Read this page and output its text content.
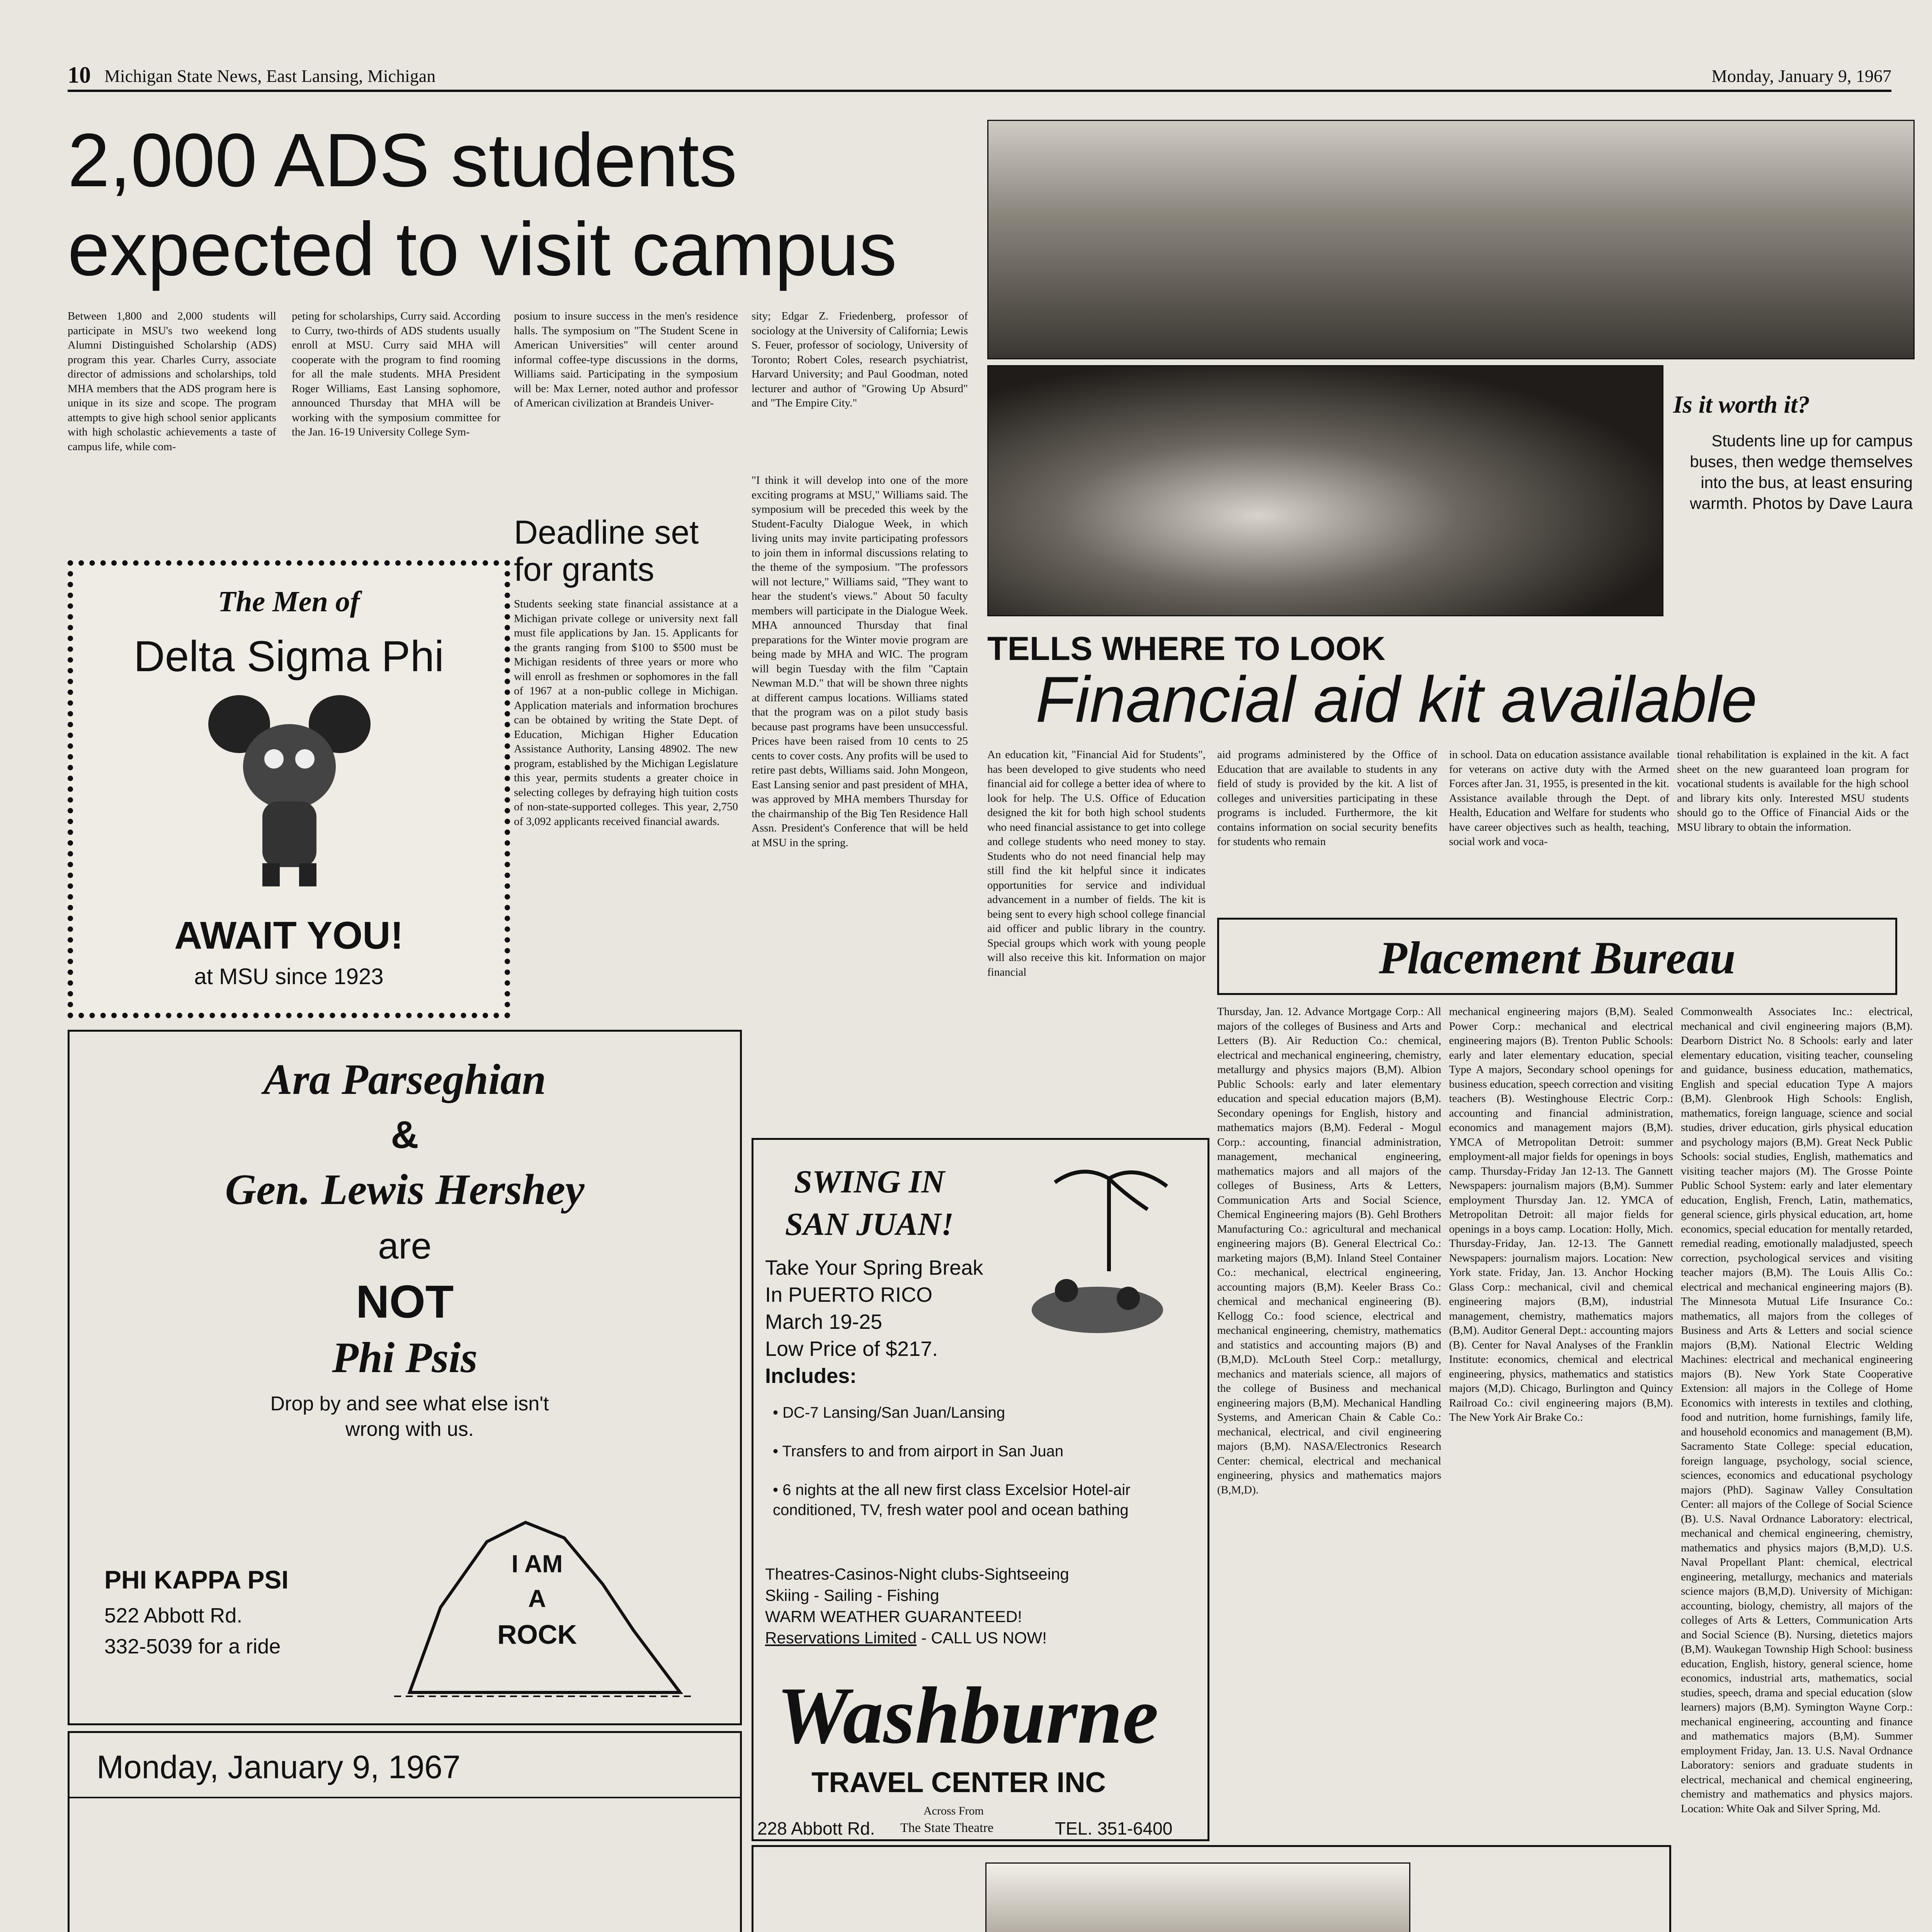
10 Michigan State News, East Lansing, Michigan	Monday, January 9, 1967
2,000 ADS students
expected to visit campus
Between 1,800 and 2,000 students will participate in MSU's two weekend long Alumni Distinguished Scholarship (ADS) program this year. Charles Curry, associate director of admissions and scholarships, told MHA members that the ADS program here is unique in its size and scope. The program attempts to give high school senior applicants with high scholastic achievements a taste of campus life, while com-
peting for scholarships, Curry said. According to Curry, two-thirds of ADS students usually enroll at MSU. Curry said MHA will cooperate with the program to find rooming for all the male students. MHA President Roger Williams, East Lansing sophomore, announced Thursday that MHA will be working with the symposium committee for the Jan. 16-19 University College Sym-
posium to insure success in the men's residence halls. The symposium on "The Student Scene in American Universities" will center around informal coffee-type discussions in the dorms, Williams said. Participating in the symposium will be: Max Lerner, noted author and professor of American civilization at Brandeis Univer-
sity; Edgar Z. Friedenberg, professor of sociology at the University of California; Lewis S. Feuer, professor of sociology, University of Toronto; Robert Coles, research psychiatrist, Harvard University; and Paul Goodman, noted lecturer and author of "Growing Up Absurd" and "The Empire City."
"I think it will develop into one of the more exciting programs at MSU," Williams said. The symposium will be preceded this week by the Student-Faculty Dialogue Week, in which living units may invite participating professors to join them in informal discussions relating to the theme of the symposium. "The professors will not lecture," Williams said, "They want to hear the student's views." About 50 faculty members will participate in the Dialogue Week. MHA announced Thursday that final preparations for the Winter movie program are being made by MHA and WIC. The program will begin Tuesday with the film "Captain Newman M.D." that will be shown three nights at different campus locations. Williams stated that the program was on a pilot study basis because past programs have been unsuccessful. Prices have been raised from 10 cents to 25 cents to cover costs. Any profits will be used to retire past debts, Williams said. John Mongeon, East Lansing senior and past president of MHA, was approved by MHA members Thursday for the chairmanship of the Big Ten Residence Hall Assn. President's Conference that will be held at MSU in the spring.
Deadline set
for grants
Students seeking state financial assistance at a Michigan private college or university next fall must file applications by Jan. 15. Applicants for the grants ranging from $100 to $500 must be Michigan residents of three years or more who will enroll as freshmen or sophomores in the fall of 1967 at a non-public college in Michigan. Application materials and information brochures can be obtained by writing the State Dept. of Education, Michigan Higher Education Assistance Authority, Lansing 48902. The new program, established by the Michigan Legislature this year, permits students a greater choice in selecting colleges by defraying high tuition costs of non-state-supported colleges. This year, 2,750 of 3,092 applicants received financial awards.
The Men of
Delta Sigma Phi
AWAIT YOU!
at MSU since 1923
Ara Parseghian
&
Gen. Lewis Hershey
are
NOT
Phi Psis
Drop by and see what else isn't wrong with us.
PHI KAPPA PSI
522 Abbott Rd.
332-5039 for a ride
I AM
A
ROCK
Monday, January 9, 1967
Is it worth it?
Students line up for campus buses, then wedge themselves into the bus, at least ensuring warmth. Photos by Dave Laura
TELLS WHERE TO LOOK
Financial aid kit available
An education kit, "Financial Aid for Students", has been developed to give students who need financial aid for college a better idea of where to look for help. The U.S. Office of Education designed the kit for both high school students who need financial assistance to get into college and college students who need money to stay. Students who do not need financial help may still find the kit helpful since it indicates opportunities for service and individual advancement in a number of fields. The kit is being sent to every high school college financial aid officer and public library in the country. Special groups which work with young people will also receive this kit. Information on major financial
aid programs administered by the Office of Education that are available to students in any field of study is provided by the kit. A list of colleges and universities participating in these programs is included. Furthermore, the kit contains information on social security benefits for students who remain
in school. Data on education assistance available for veterans on active duty with the Armed Forces after Jan. 31, 1955, is presented in the kit. Assistance available through the Dept. of Health, Education and Welfare for students who have career objectives such as health, teaching, social work and voca-
tional rehabilitation is explained in the kit. A fact sheet on the new guaranteed loan program for vocational students is available for the high school and library kits only. Interested MSU students should go to the Office of Financial Aids or the MSU library to obtain the information.
Placement Bureau
Thursday, Jan. 12. Advance Mortgage Corp.: All majors of the colleges of Business and Arts and Letters (B). Air Reduction Co.: chemical, electrical and mechanical engineering, chemistry, metallurgy and physics majors (B,M). Albion Public Schools: early and later elementary education and special education majors (B,M). Secondary openings for English, history and mathematics majors (B,M). Federal - Mogul Corp.: accounting, financial administration, management, mechanical engineering, mathematics majors and all majors of the colleges of Business, Arts & Letters, Communication Arts and Social Science, Chemical Engineering majors (B). Gehl Brothers Manufacturing Co.: agricultural and mechanical engineering majors (B). General Electrical Co.: marketing majors (B,M). Inland Steel Container Co.: mechanical, electrical engineering, accounting majors (B,M). Keeler Brass Co.: chemical and mechanical engineering (B). Kellogg Co.: food science, electrical and mechanical engineering, chemistry, mathematics and statistics and accounting majors (B) and (B,M,D). McLouth Steel Corp.: metallurgy, mechanics and materials science, all majors of the college of Business and mechanical engineering majors (B,M). Mechanical Handling Systems, and American Chain & Cable Co.: mechanical, electrical, and civil engineering majors (B,M). NASA/Electronics Research Center: chemical, electrical and mechanical engineering, physics and mathematics majors (B,M,D).
mechanical engineering majors (B,M). Sealed Power Corp.: mechanical and electrical engineering majors (B). Trenton Public Schools: early and later elementary education, special Type A majors, Secondary school openings for business education, speech correction and visiting teachers (B). Westinghouse Electric Corp.: accounting and financial administration, economics and management majors (B,M). YMCA of Metropolitan Detroit: summer employment-all major fields for openings in boys camp. Thursday-Friday Jan 12-13. The Gannett Newspapers: journalism majors (B,M). Summer employment Thursday Jan. 12. YMCA of Metropolitan Detroit: all major fields for openings in a boys camp. Location: Holly, Mich. Thursday-Friday, Jan. 12-13. The Gannett Newspapers: journalism majors. Location: New York state. Friday, Jan. 13. Anchor Hocking Glass Corp.: mechanical, civil and chemical engineering majors (B,M), industrial management, chemistry, mathematics majors (B,M). Auditor General Dept.: accounting majors (B). Center for Naval Analyses of the Franklin Institute: economics, chemical and electrical engineering, physics, mathematics and statistics majors (M,D). Chicago, Burlington and Quincy Railroad Co.: civil engineering majors (B,M). The New York Air Brake Co.:
Commonwealth Associates Inc.: electrical, mechanical and civil engineering majors (B,M). Dearborn District No. 8 Schools: early and later elementary education, visiting teacher, counseling and guidance, business education, mathematics, English and special education Type A majors (B,M). Glenbrook High Schools: English, mathematics, foreign language, science and social studies, driver education, girls physical education and psychology majors (B,M). Great Neck Public Schools: social studies, English, mathematics and visiting teacher majors (M). The Grosse Pointe Public School System: early and later elementary education, English, French, Latin, mathematics, general science, girls physical education, art, home economics, special education for mentally retarded, remedial reading, emotionally maladjusted, speech correction, psychological services and visiting teacher majors (B,M). The Louis Allis Co.: electrical and mechanical engineering majors (B). The Minnesota Mutual Life Insurance Co.: mathematics, all majors from the colleges of Business and Arts & Letters and social science majors (B,M). National Electric Welding Machines: electrical and mechanical engineering majors (B). New York State Cooperative Extension: all majors in the College of Home Economics with interests in textiles and clothing, food and nutrition, home furnishings, family life, and household economics and management (B,M). Sacramento State College: special education, foreign language, psychology, social science, sciences, economics and educational psychology majors (PhD). Saginaw Valley Consultation Center: all majors of the College of Social Science (B). U.S. Naval Ordnance Laboratory: electrical, mechanical and chemical engineering, chemistry, mathematics and physics majors (B,M,D). U.S. Naval Propellant Plant: chemical, electrical engineering, metallurgy, mechanics and materials science majors (B,M,D). University of Michigan: accounting, biology, chemistry, all majors of the colleges of Arts & Letters, Communication Arts and Social Science (B). Nursing, dietetics majors (B,M). Waukegan Township High School: business education, English, history, general science, home economics, industrial arts, mathematics, social studies, speech, drama and special education (slow learners) majors (B,M). Symington Wayne Corp.: mechanical engineering, accounting and finance and mathematics majors (B,M). Summer employment Friday, Jan. 13. U.S. Naval Ordnance Laboratory: seniors and graduate students in electrical, mechanical and chemical engineering, chemistry and mathematics and physics majors. Location: White Oak and Silver Spring, Md.
SWING IN
SAN JUAN!
Take Your Spring Break
In PUERTO RICO
March 19-25
Low Price of $217.
Includes:
• DC-7 Lansing/San Juan/Lansing
• Transfers to and from airport in San Juan
• 6 nights at the all new first class Excelsior Hotel-air conditioned, TV, fresh water pool and ocean bathing
Theatres-Casinos-Night clubs-Sightseeing
Skiing - Sailing - Fishing
WARM WEATHER GUARANTEED!
Reservations Limited - CALL US NOW!
Washburne
TRAVEL CENTER INC
228 Abbott Rd.
Across From
The State Theatre	TEL. 351-6400
